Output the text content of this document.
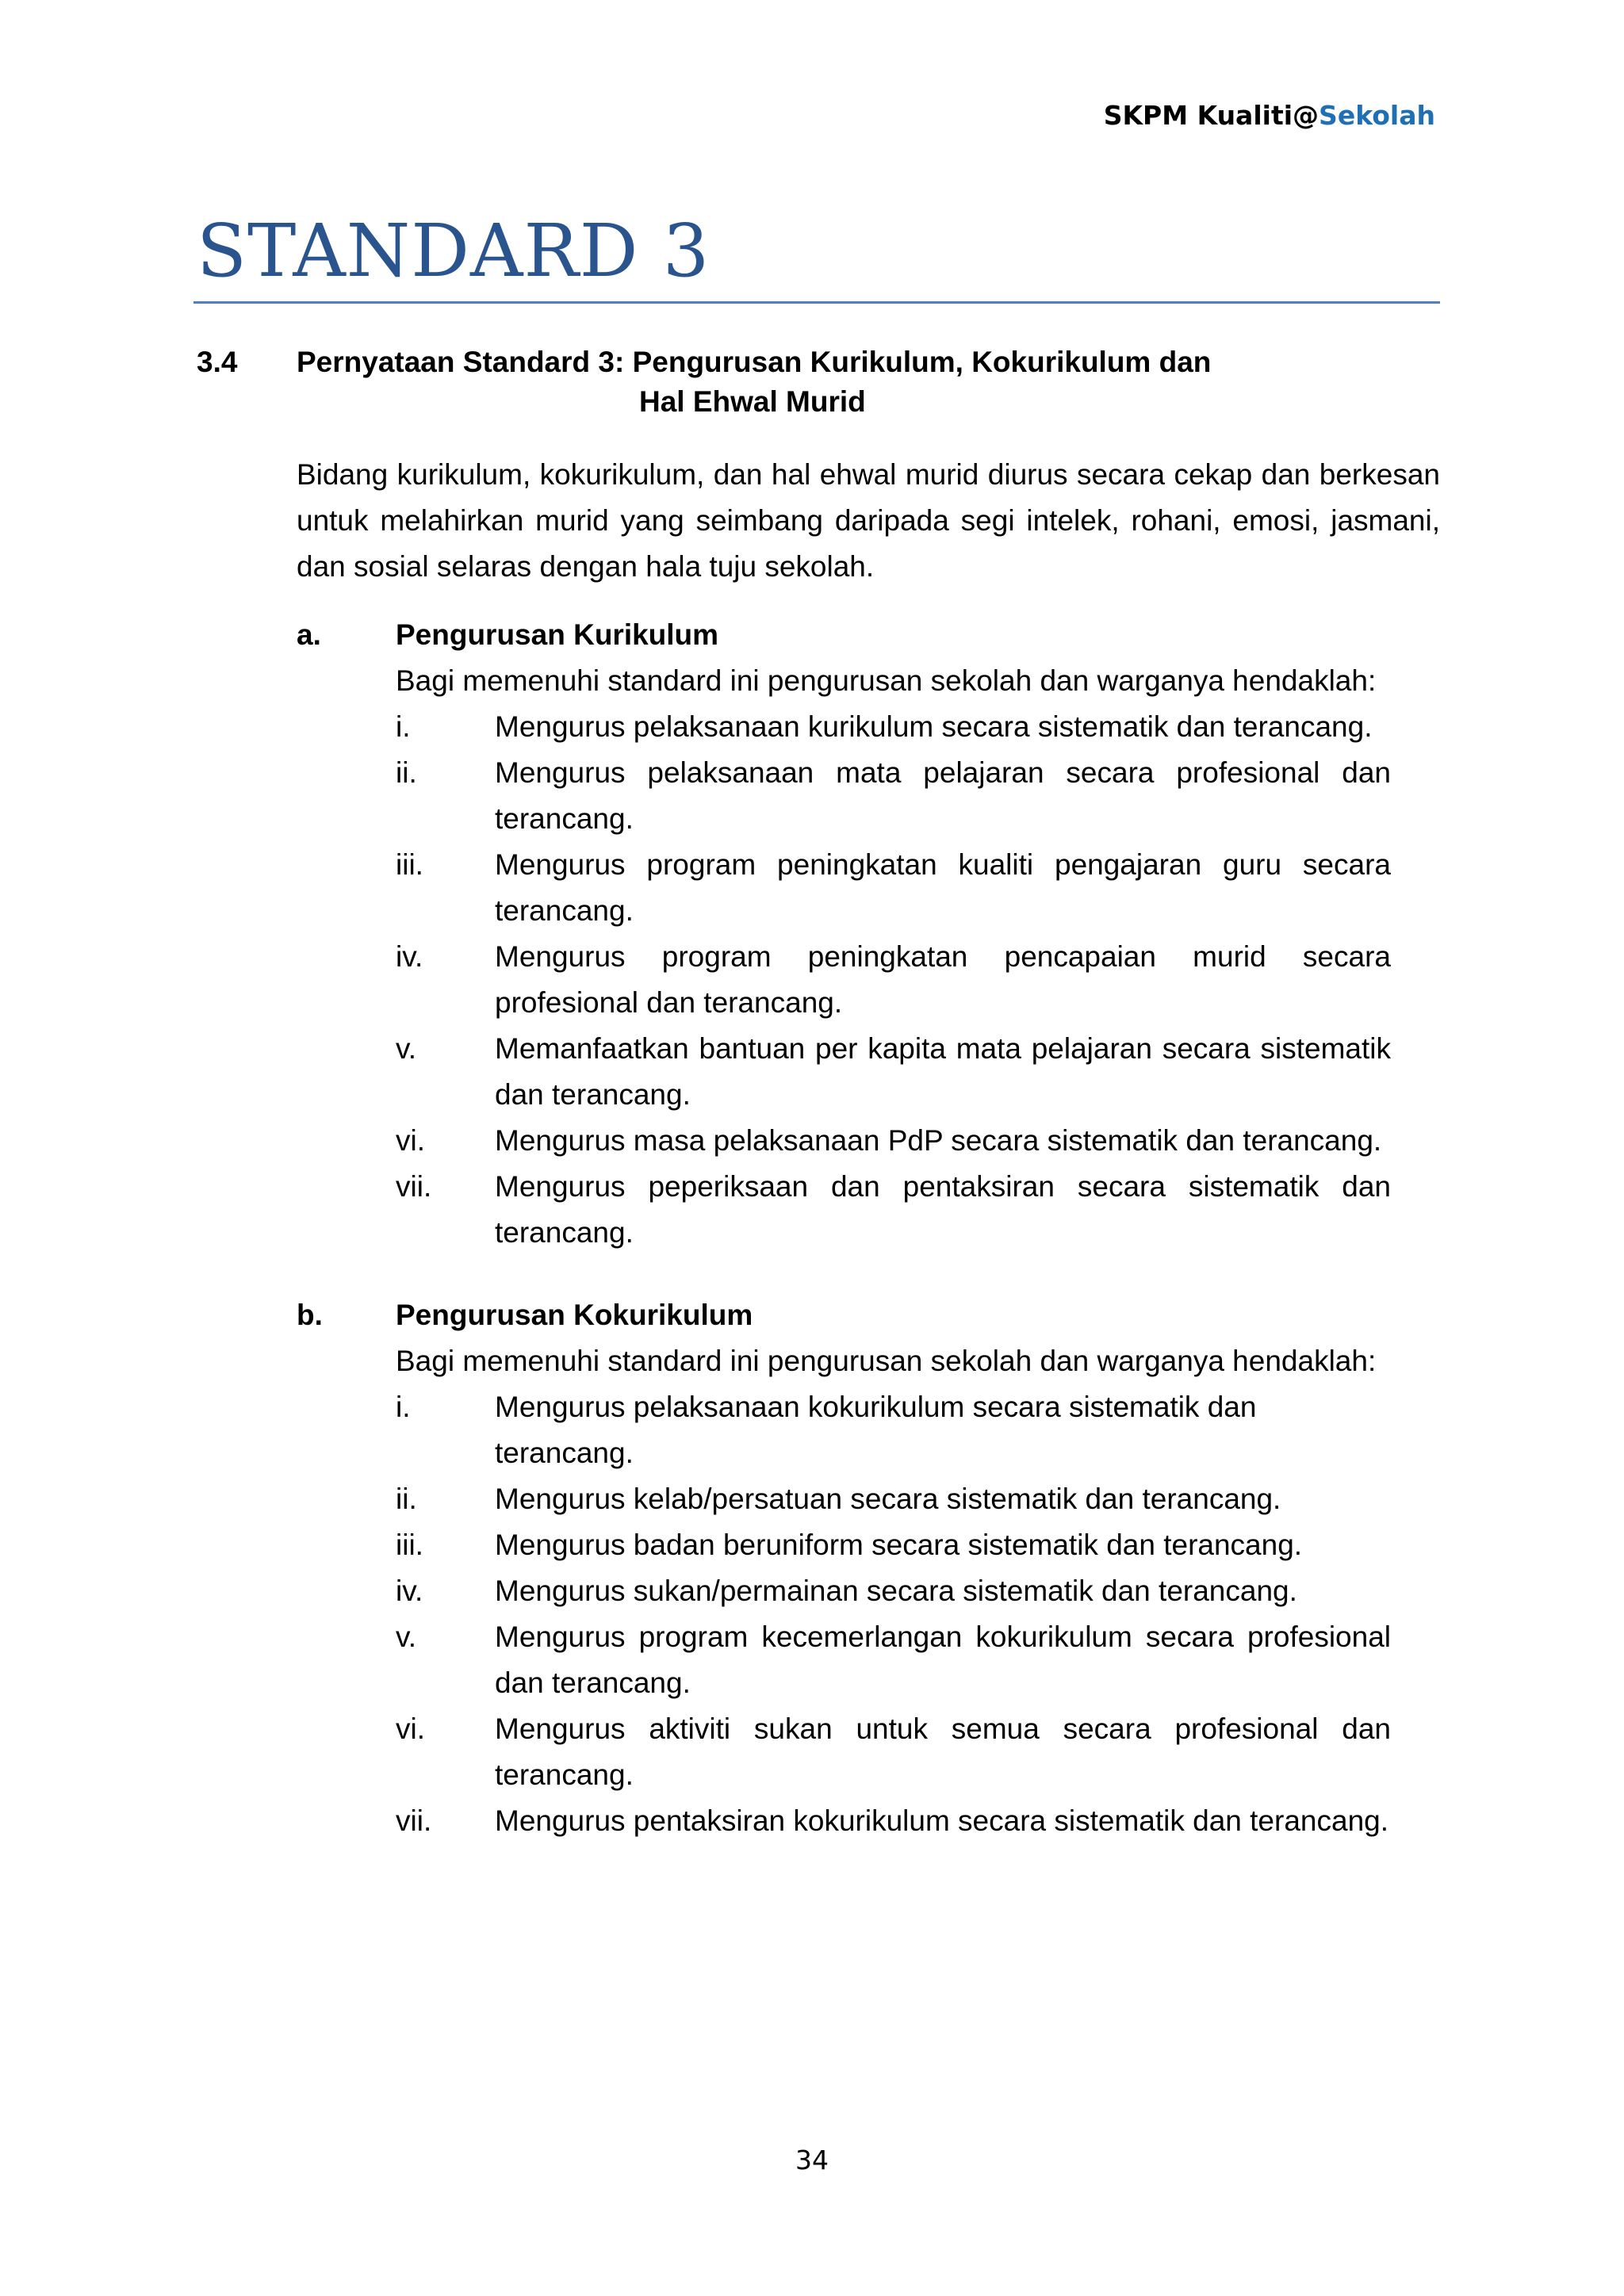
SKPM Kualiti@Sekolah
STANDARD 3
3.4 Pernyataan Standard 3: Pengurusan Kurikulum, Kokurikulum dan
Hal Ehwal Murid

Bidang kurikulum, kokurikulum, dan hal ehwal murid diurus secara cekap dan berkesan untuk melahirkan murid yang seimbang daripada segi intelek, rohani, emosi, jasmani, dan sosial selaras dengan hala tuju sekolah.

a.	Pengurusan Kurikulum
Bagi memenuhi standard ini pengurusan sekolah dan warganya hendaklah:
i.	Mengurus pelaksanaan kurikulum secara sistematik dan terancang.
ii.	Mengurus pelaksanaan mata pelajaran secara profesional dan terancang.
iii. Mengurus program peningkatan kualiti pengajaran guru secara terancang.
iv. Mengurus program peningkatan pencapaian murid secara profesional dan terancang.
v.	Memanfaatkan bantuan per kapita mata pelajaran secara sistematik dan terancang.
vi. Mengurus masa pelaksanaan PdP secara sistematik dan terancang.
vii. Mengurus peperiksaan dan pentaksiran secara sistematik dan terancang.
b. Pengurusan Kokurikulum
Bagi memenuhi standard ini pengurusan sekolah dan warganya hendaklah:
i.	Mengurus pelaksanaan kokurikulum secara sistematik dan terancang.
ii.	Mengurus kelab/persatuan secara sistematik dan terancang.
iii. Mengurus badan beruniform secara sistematik dan terancang.
iv. Mengurus sukan/permainan secara sistematik dan terancang.
v.	Mengurus program kecemerlangan kokurikulum secara profesional dan terancang.
vi. Mengurus aktiviti sukan untuk semua secara profesional dan terancang.
vii. Mengurus pentaksiran kokurikulum secara sistematik dan terancang.
34
